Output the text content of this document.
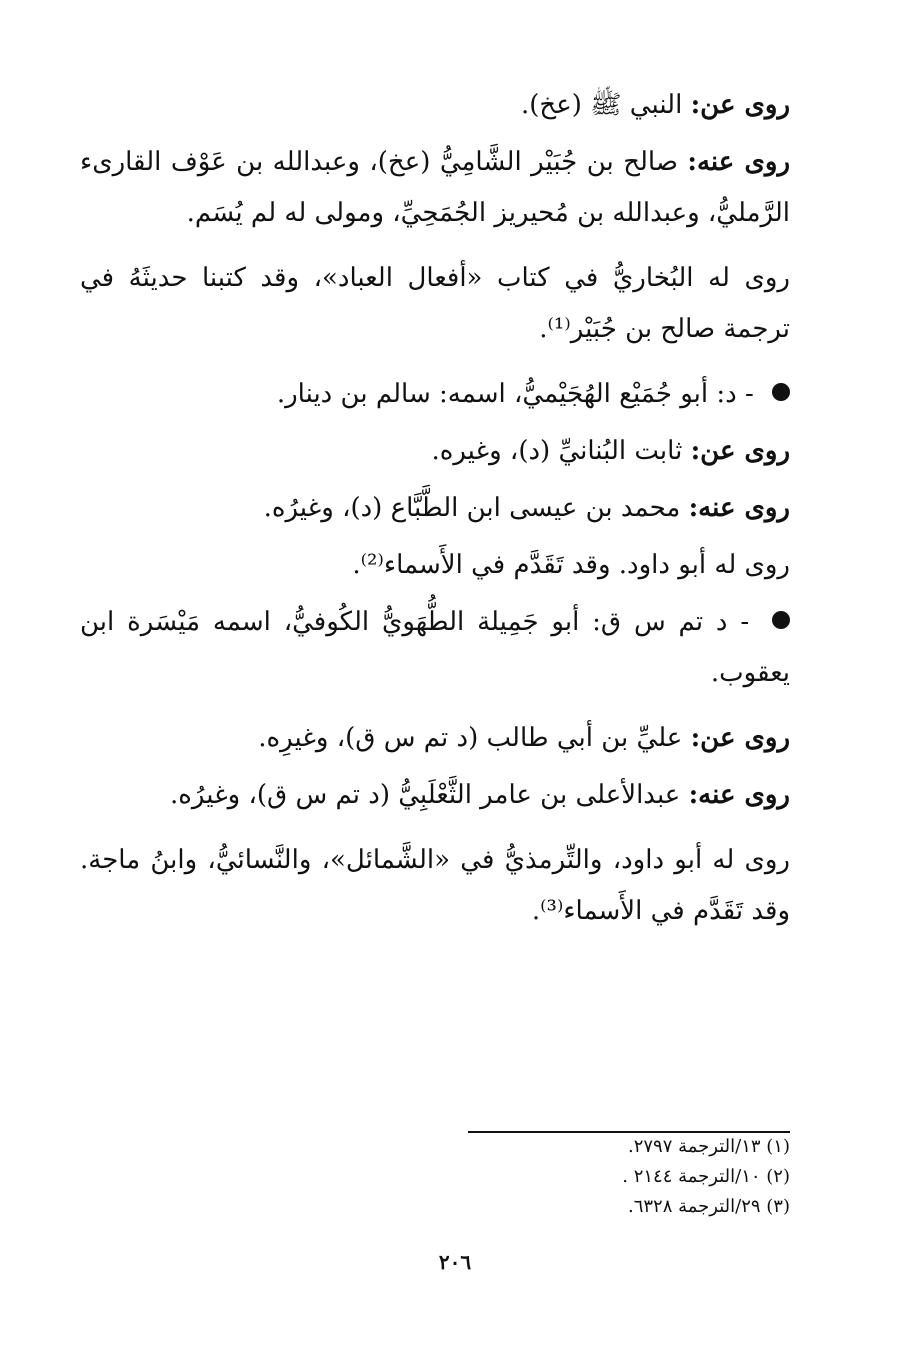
روى عن: النبي ﷺ (عخ).

روى عنه: صالح بن جُبَيْر الشَّامِيُّ (عخ)، وعبدالله بن عَوْف القارىء الرَّمليُّ، وعبدالله بن مُحيريز الجُمَحِيِّ، ومولى له لم يُسَم.

روى له البُخاريُّ في كتاب «أفعال العباد»، وقد كتبنا حديثَهُ في ترجمة صالح بن جُبَيْر⁽¹⁾.

- د: أبو جُمَيْع الهُجَيْميُّ، اسمه: سالم بن دينار.

روى عن: ثابت البُنانيِّ (د)، وغيره.

روى عنه: محمد بن عيسى ابن الطَّبَّاع (د)، وغيرُه.

روى له أبو داود. وقد تَقَدَّم في الأَسماء⁽²⁾.

- د تم س ق: أبو جَمِيلة الطُّهَويُّ الكُوفيُّ، اسمه مَيْسَرة ابن يعقوب.

روى عن: عليِّ بن أبي طالب (د تم س ق)، وغيرِه.

روى عنه: عبدالأعلى بن عامر الثَّعْلَبِيُّ (د تم س ق)، وغيرُه.

روى له أبو داود، والتِّرمذيُّ في «الشَّمائل»، والنَّسائيُّ، وابنُ ماجة. وقد تَقَدَّم في الأَسماء⁽³⁾.

(١) ١٣/الترجمة ٢٧٩٧.
(٢) ١٠/الترجمة ٢١٤٤ .
(٣) ٢٩/الترجمة ٦٣٢٨.
٢٠٦
